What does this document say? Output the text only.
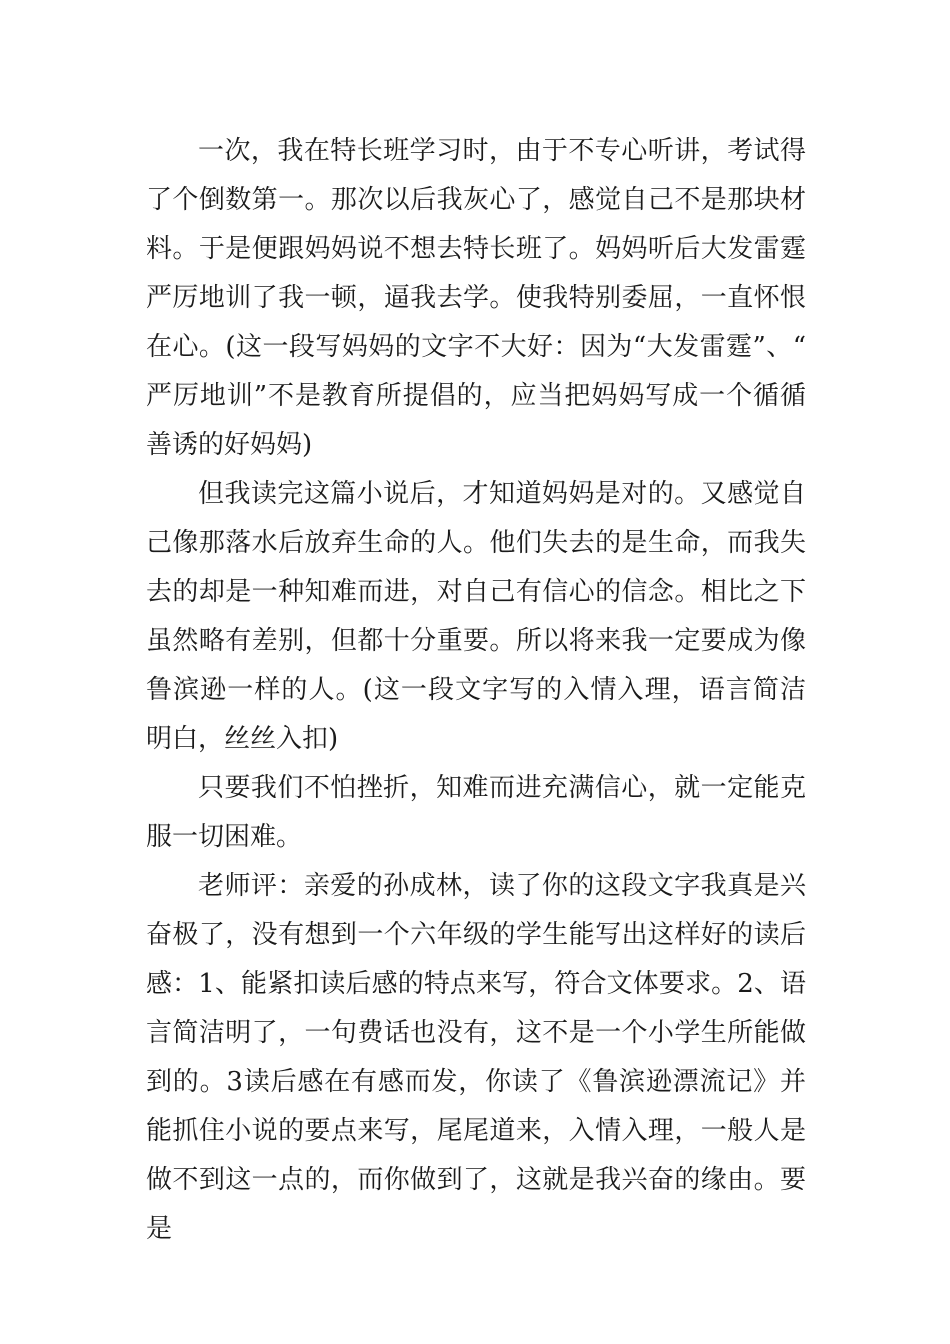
一次，我在特长班学习时，由于不专心听讲，考试得了个倒数第一。那次以后我灰心了，感觉自己不是那块材料。于是便跟妈妈说不想去特长班了。妈妈听后大发雷霆严厉地训了我一顿，逼我去学。使我特别委屈，一直怀恨在心。(这一段写妈妈的文字不大好：因为“大发雷霆”、“严厉地训”不是教育所提倡的，应当把妈妈写成一个循循善诱的好妈妈)

但我读完这篇小说后，才知道妈妈是对的。又感觉自己像那落水后放弃生命的人。他们失去的是生命，而我失去的却是一种知难而进，对自己有信心的信念。相比之下虽然略有差别，但都十分重要。所以将来我一定要成为像鲁滨逊一样的人。(这一段文字写的入情入理，语言简洁明白，丝丝入扣)

只要我们不怕挫折，知难而进充满信心，就一定能克服一切困难。

老师评：亲爱的孙成林，读了你的这段文字我真是兴奋极了，没有想到一个六年级的学生能写出这样好的读后感：1、能紧扣读后感的特点来写，符合文体要求。2、语言简洁明了，一句费话也没有，这不是一个小学生所能做到的。3读后感在有感而发，你读了《鲁滨逊漂流记》并能抓住小说的要点来写，尾尾道来，入情入理，一般人是做不到这一点的，而你做到了，这就是我兴奋的缘由。要是
